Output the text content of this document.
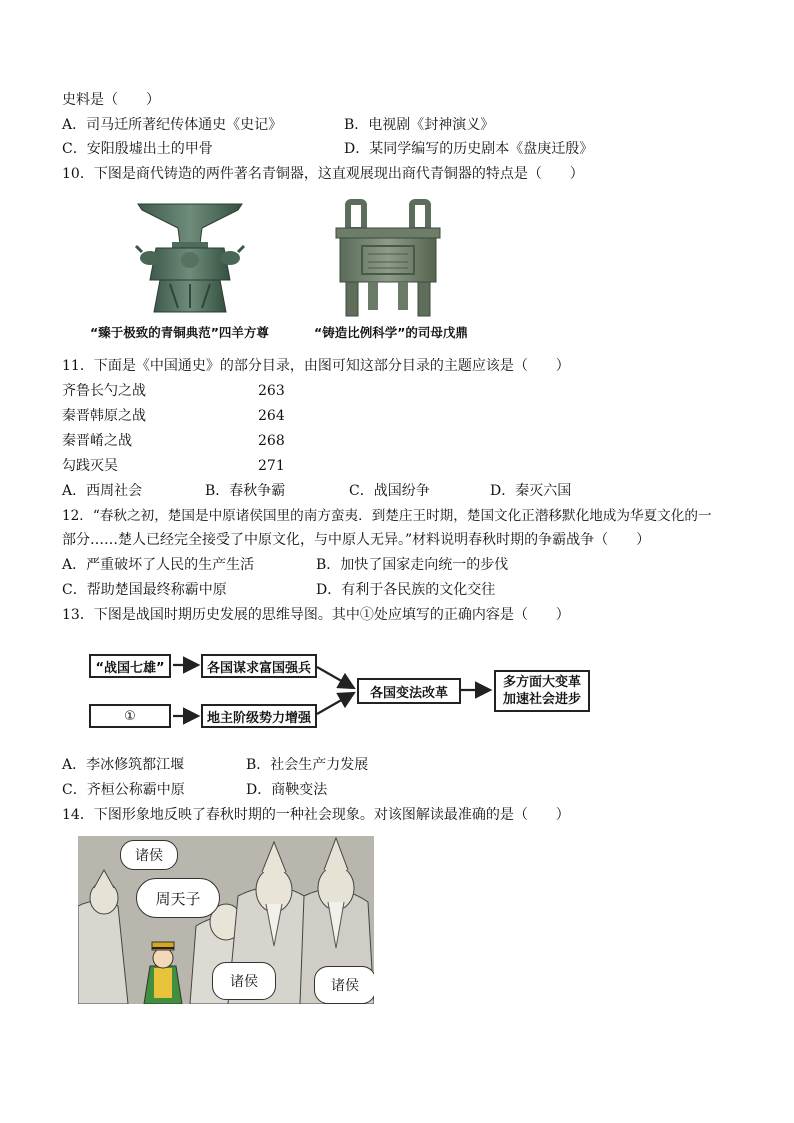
史料是（　　）
A．司马迁所著纪传体通史《史记》	B．电视剧《封神演义》
C．安阳殷墟出土的甲骨	D．某同学编写的历史剧本《盘庚迁殷》
10．下图是商代铸造的两件著名青铜器，这直观展现出商代青铜器的特点是（　　）
“臻于极致的青铜典范”四羊方尊	“铸造比例科学”的司母戊鼎
11．下面是《中国通史》的部分目录，由图可知这部分目录的主题应该是（　　）
齐鲁长勺之战	263
秦晋韩原之战	264
秦晋崤之战	268
勾践灭吴	271
A．西周社会	B．春秋争霸	C．战国纷争	D．秦灭六国
12．“春秋之初，楚国是中原诸侯国里的南方蛮夷．到楚庄王时期，楚国文化正潜移默化地成为华夏文化的一
部分……楚人已经完全接受了中原文化，与中原人无异。”材料说明春秋时期的争霸战争（　　）
A．严重破坏了人民的生产生活	B．加快了国家走向统一的步伐
C．帮助楚国最终称霸中原	D．有利于各民族的文化交往
13．下图是战国时期历史发展的思维导图。其中①处应填写的正确内容是（　　）
“战国七雄”	各国谋求富国强兵
①	地主阶级势力增强
各国变法改革
多方面大变革
加速社会进步
A．李冰修筑都江堰	B．社会生产力发展
C．齐桓公称霸中原	D．商鞅变法
14．下图形象地反映了春秋时期的一种社会现象。对该图解读最准确的是（　　）
诸侯
周天子
诸侯	诸侯
